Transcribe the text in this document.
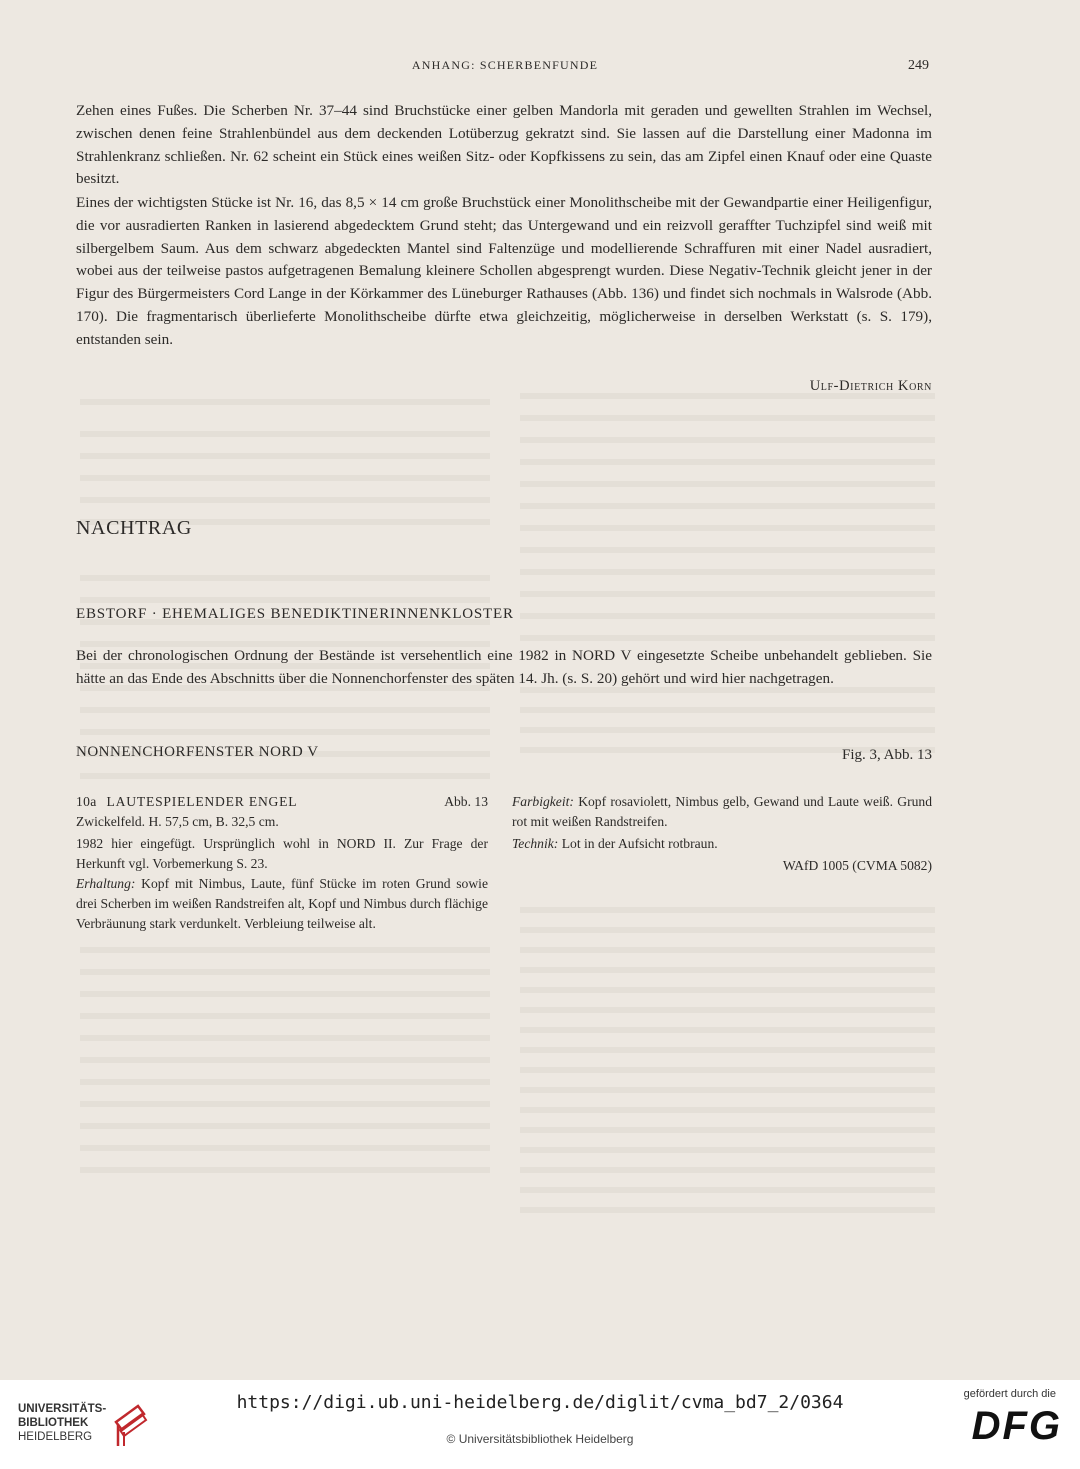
ANHANG: SCHERBENFUNDE	249

Zehen eines Fußes. Die Scherben Nr. 37–44 sind Bruchstücke einer gelben Mandorla mit geraden und gewellten Strahlen im Wechsel, zwischen denen feine Strahlenbündel aus dem deckenden Lotüberzug gekratzt sind. Sie lassen auf die Darstellung einer Madonna im Strahlenkranz schließen. Nr. 62 scheint ein Stück eines weißen Sitz- oder Kopfkissens zu sein, das am Zipfel einen Knauf oder eine Quaste besitzt.

Eines der wichtigsten Stücke ist Nr. 16, das 8,5 × 14 cm große Bruchstück einer Monolithscheibe mit der Gewandpartie einer Heiligenfigur, die vor ausradierten Ranken in lasierend abgedecktem Grund steht; das Untergewand und ein reizvoll geraffter Tuchzipfel sind weiß mit silbergelbem Saum. Aus dem schwarz abgedeckten Mantel sind Faltenzüge und modellierende Schraffuren mit einer Nadel ausradiert, wobei aus der teilweise pastos aufgetragenen Bemalung kleinere Schollen abgesprengt wurden. Diese Negativ-Technik gleicht jener in der Figur des Bürgermeisters Cord Lange in der Körkammer des Lüneburger Rathauses (Abb. 136) und findet sich nochmals in Walsrode (Abb. 170). Die fragmentarisch überlieferte Monolithscheibe dürfte etwa gleichzeitig, möglicherweise in derselben Werkstatt (s. S. 179), entstanden sein.

Ulf-Dietrich Korn
NACHTRAG
EBSTORF · EHEMALIGES BENEDIKTINERINNENKLOSTER

Bei der chronologischen Ordnung der Bestände ist versehentlich eine 1982 in NORD V eingesetzte Scheibe unbehandelt geblieben. Sie hätte an das Ende des Abschnitts über die Nonnenchorfenster des späten 14. Jh. (s. S. 20) gehört und wird hier nachgetragen.

NONNENCHORFENSTER NORD V	Fig. 3, Abb. 13
10a LAUTESPIELENDER ENGEL	Abb. 13
Zwickelfeld. H. 57,5 cm, B. 32,5 cm.
1982 hier eingefügt. Ursprünglich wohl in NORD II. Zur Frage der Herkunft vgl. Vorbemerkung S. 23.
Erhaltung: Kopf mit Nimbus, Laute, fünf Stücke im roten Grund sowie drei Scherben im weißen Randstreifen alt, Kopf und Nimbus durch flächige Verbräunung stark verdunkelt. Verbleiung teilweise alt.
Farbigkeit: Kopf rosaviolett, Nimbus gelb, Gewand und Laute weiß. Grund rot mit weißen Randstreifen.
Technik: Lot in der Aufsicht rotbraun.
WAfD 1005 (CVMA 5082)
UNIVERSITÄTS-
BIBLIOTHEK
HEIDELBERG
https://digi.ub.uni-heidelberg.de/diglit/cvma_bd7_2/0364
© Universitätsbibliothek Heidelberg
gefördert durch die
DFG
